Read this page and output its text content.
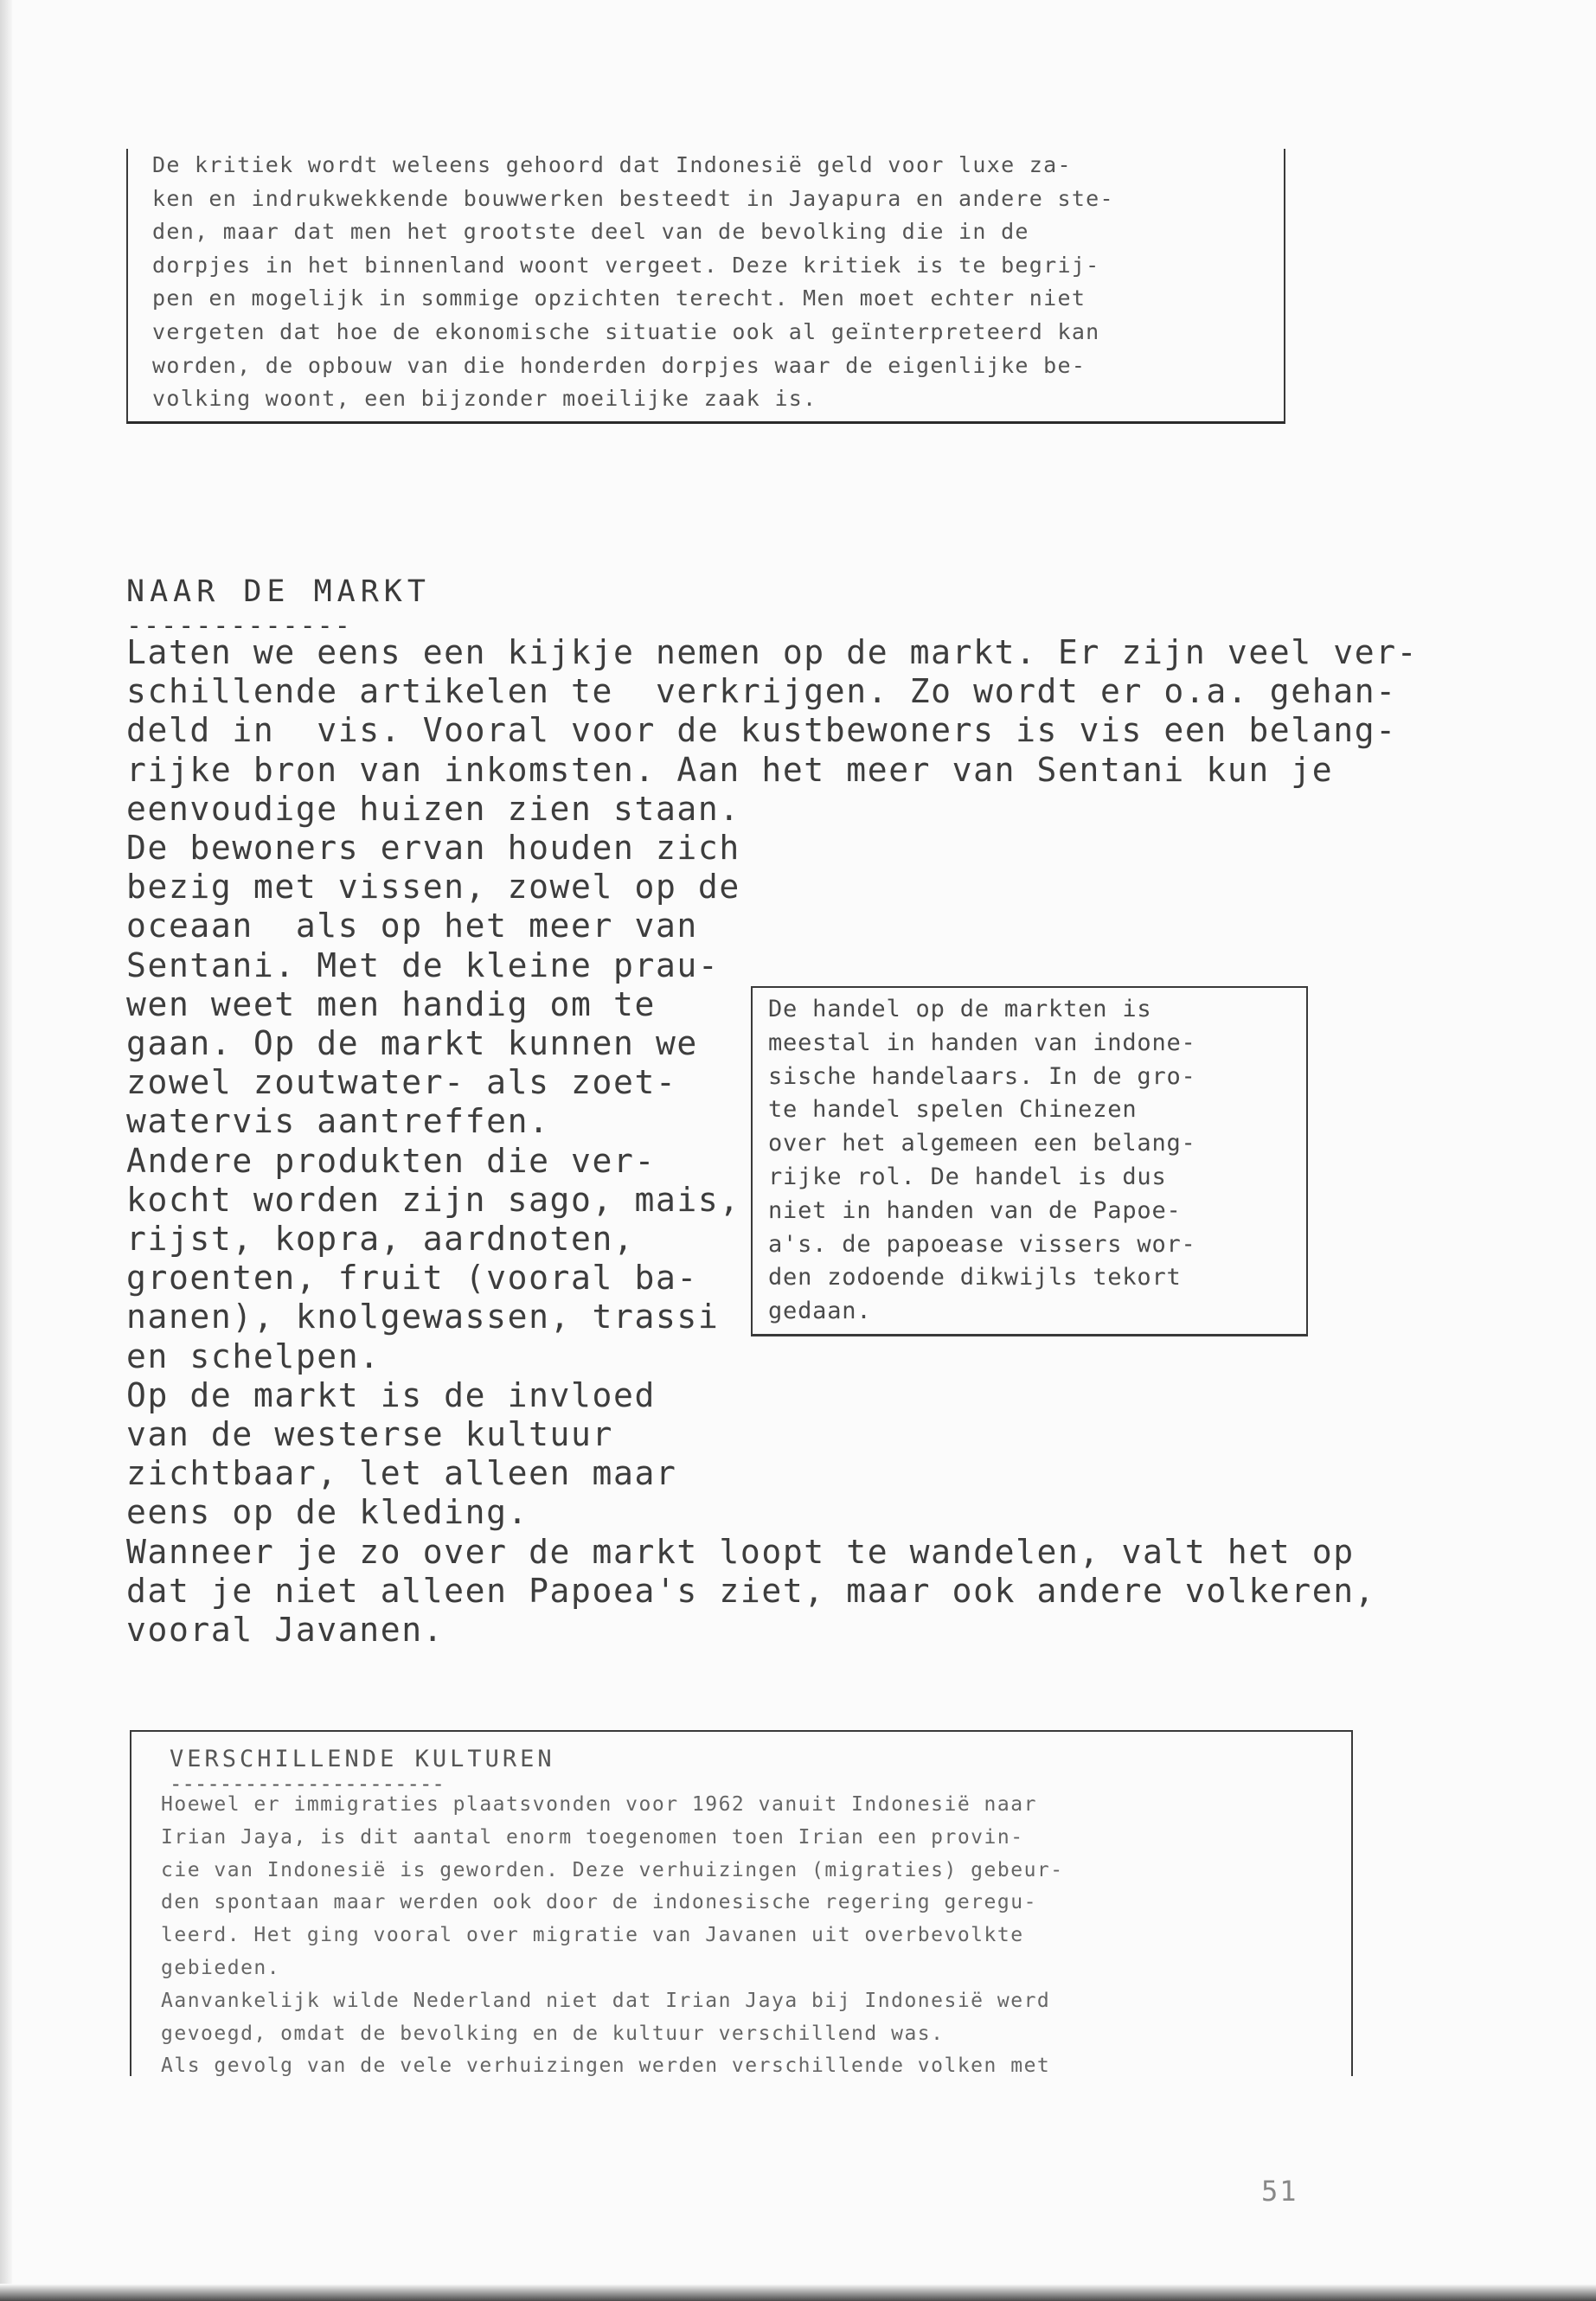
De kritiek wordt weleens gehoord dat Indonesië geld voor luxe za-
ken en indrukwekkende bouwwerken besteedt in Jayapura en andere ste-
den, maar dat men het grootste deel van de bevolking die in de
dorpjes in het binnenland woont vergeet. Deze kritiek is te begrij-
pen en mogelijk in sommige opzichten terecht. Men moet echter niet
vergeten dat hoe de ekonomische situatie ook al geïnterpreteerd kan
worden, de opbouw van die honderden dorpjes waar de eigenlijke be-
volking woont, een bijzonder moeilijke zaak is.
NAAR DE MARKT
-------------
Laten we eens een kijkje nemen op de markt. Er zijn veel ver-
schillende artikelen te  verkrijgen. Zo wordt er o.a. gehan-
deld in  vis. Vooral voor de kustbewoners is vis een belang-
rijke bron van inkomsten. Aan het meer van Sentani kun je
eenvoudige huizen zien staan.
De bewoners ervan houden zich
bezig met vissen, zowel op de
oceaan  als op het meer van
Sentani. Met de kleine prau-
wen weet men handig om te
gaan. Op de markt kunnen we
zowel zoutwater- als zoet-
watervis aantreffen.
Andere produkten die ver-
kocht worden zijn sago, mais,
rijst, kopra, aardnoten,
groenten, fruit (vooral ba-
nanen), knolgewassen, trassi
en schelpen.
Op de markt is de invloed
van de westerse kultuur
zichtbaar, let alleen maar
eens op de kleding.
Wanneer je zo over de markt loopt te wandelen, valt het op
dat je niet alleen Papoea's ziet, maar ook andere volkeren,
vooral Javanen.
De handel op de markten is
meestal in handen van indone-
sische handelaars. In de gro-
te handel spelen Chinezen
over het algemeen een belang-
rijke rol. De handel is dus
niet in handen van de Papoe-
a's. de papoease vissers wor-
den zodoende dikwijls tekort
gedaan.
VERSCHILLENDE KULTUREN
----------------------
Hoewel er immigraties plaatsvonden voor 1962 vanuit Indonesië naar
Irian Jaya, is dit aantal enorm toegenomen toen Irian een provin-
cie van Indonesië is geworden. Deze verhuizingen (migraties) gebeur-
den spontaan maar werden ook door de indonesische regering geregu-
leerd. Het ging vooral over migratie van Javanen uit overbevolkte
gebieden.
Aanvankelijk wilde Nederland niet dat Irian Jaya bij Indonesië werd
gevoegd, omdat de bevolking en de kultuur verschillend was.
Als gevolg van de vele verhuizingen werden verschillende volken met
51
